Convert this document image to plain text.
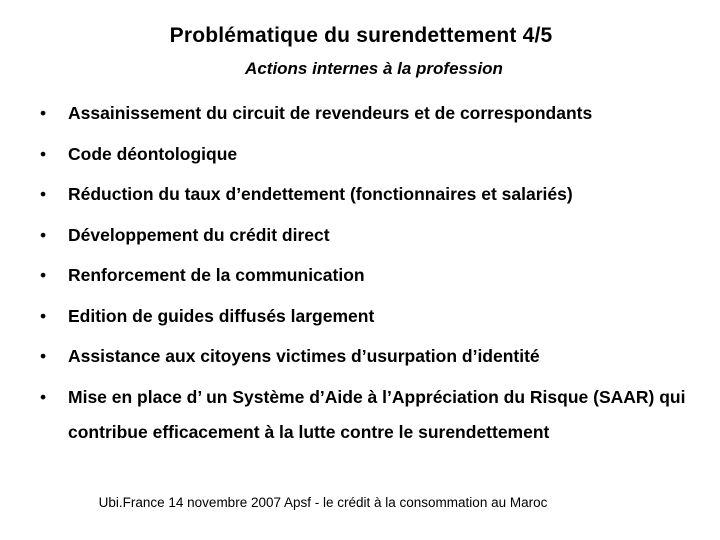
Problématique du surendettement 4/5
Actions internes à la profession
• Assainissement du circuit de revendeurs et de correspondants
• Code déontologique
• Réduction du taux d’endettement (fonctionnaires et salariés)
• Développement du crédit direct
• Renforcement de la communication
• Edition de guides diffusés largement
• Assistance aux citoyens victimes d’usurpation d’identité
• Mise en place d’ un Système d’Aide à l’Appréciation du Risque (SAAR) qui contribue efficacement à la lutte contre le surendettement
Ubi.France 14 novembre 2007 Apsf - le crédit à la consommation au Maroc
